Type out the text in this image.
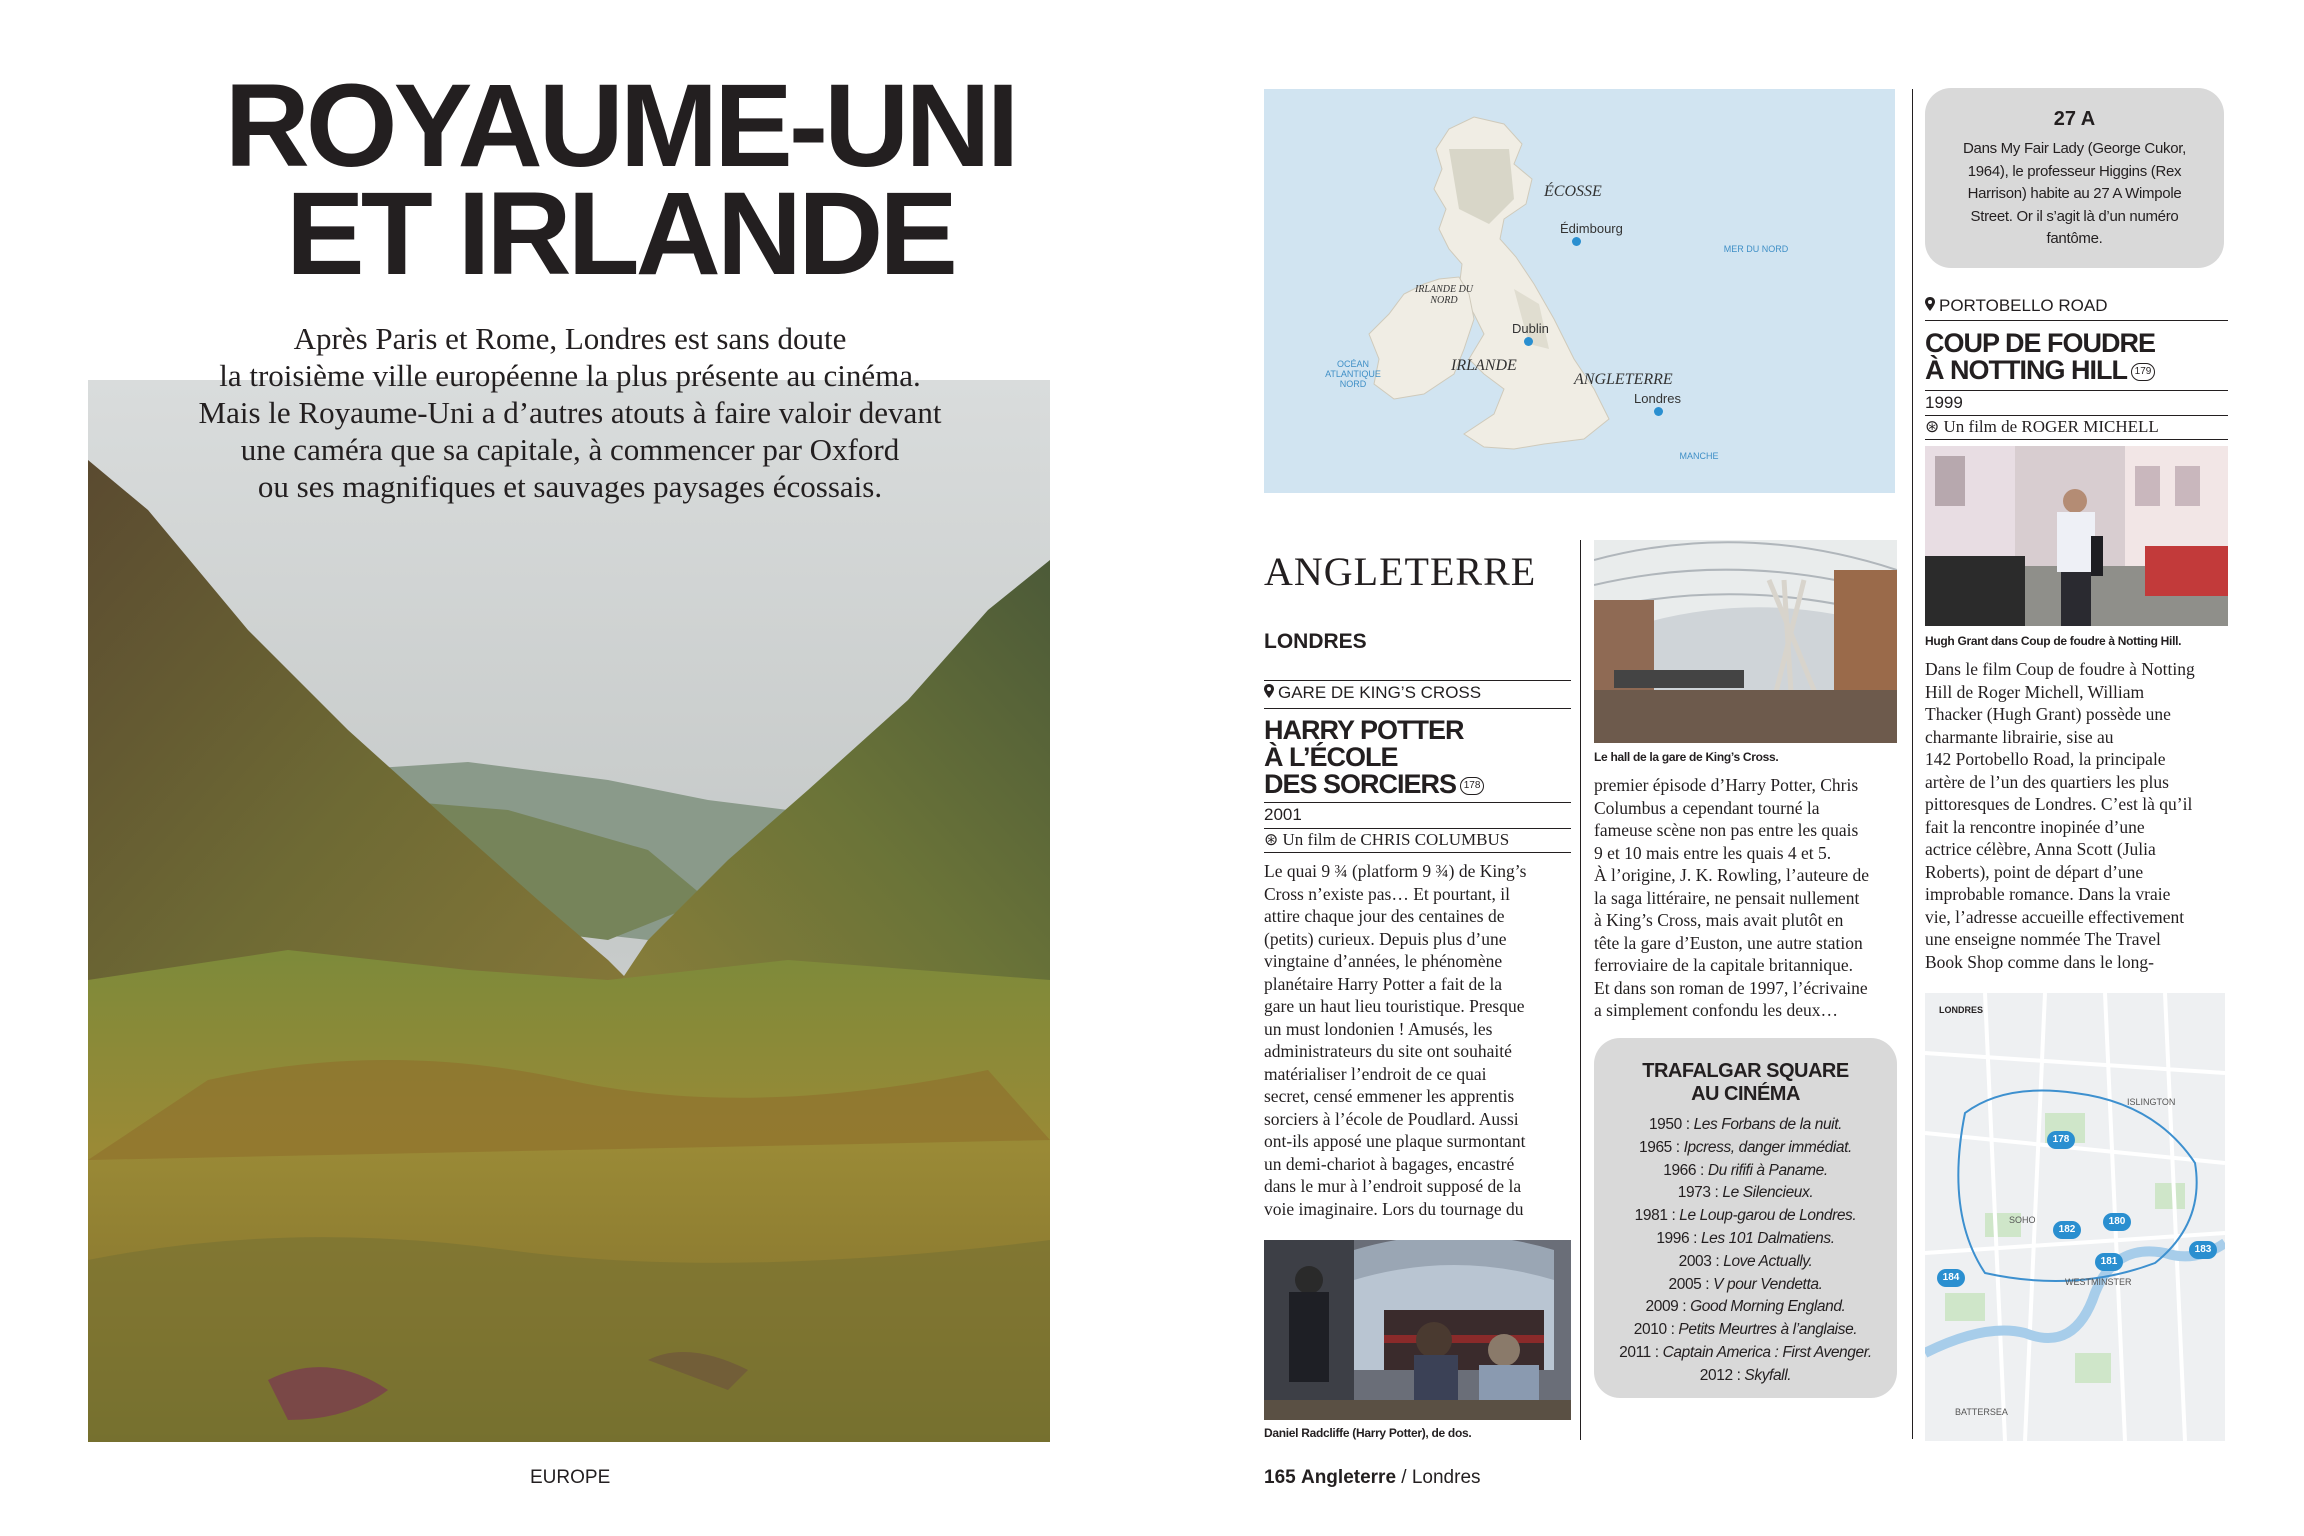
ROYAUME-UNI
ET IRLANDE
Après Paris et Rome, Londres est sans doute
la troisième ville européenne la plus présente au cinéma.
Mais le Royaume-Uni a d’autres atouts à faire valoir devant
une caméra que sa capitale, à commencer par Oxford
ou ses magnifiques et sauvages paysages écossais.
EUROPE
ÉCOSSE
IRLANDE DU NORD
IRLANDE
ANGLETERRE
Édimbourg
Dublin
Londres
MER DU NORD
OCÉAN ATLANTIQUE NORD
MANCHE
ANGLETERRE
LONDRES
GARE DE KING’S CROSS
HARRY POTTER
À L’ÉCOLE
DES SORCIERS 178
2001
⊛ Un film de CHRIS COLUMBUS
Le quai 9 ¾ (platform 9 ¾) de King’s
Cross n’existe pas… Et pourtant, il
attire chaque jour des centaines de
(petits) curieux. Depuis plus d’une
vingtaine d’années, le phénomène
planétaire Harry Potter a fait de la
gare un haut lieu touristique. Presque
un must londonien ! Amusés, les
administrateurs du site ont souhaité
matérialiser l’endroit de ce quai
secret, censé emmener les apprentis
sorciers à l’école de Poudlard. Aussi
ont-ils apposé une plaque surmontant
un demi-chariot à bagages, encastré
dans le mur à l’endroit supposé de la
voie imaginaire. Lors du tournage du
Daniel Radcliffe (Harry Potter), de dos.
Le hall de la gare de King’s Cross.
premier épisode d’Harry Potter, Chris
Columbus a cependant tourné la
fameuse scène non pas entre les quais
9 et 10 mais entre les quais 4 et 5.
À l’origine, J. K. Rowling, l’auteure de
la saga littéraire, ne pensait nullement
à King’s Cross, mais avait plutôt en
tête la gare d’Euston, une autre station
ferroviaire de la capitale britannique.
Et dans son roman de 1997, l’écrivaine
a simplement confondu les deux…
TRAFALGAR SQUARE
AU CINÉMA
1950 : Les Forbans de la nuit.
1965 : Ipcress, danger immédiat.
1966 : Du rififi à Paname.
1973 : Le Silencieux.
1981 : Le Loup-garou de Londres.
1996 : Les 101 Dalmatiens.
2003 : Love Actually.
2005 : V pour Vendetta.
2009 : Good Morning England.
2010 : Petits Meurtres à l’anglaise.
2011 : Captain America : First Avenger.
2012 : Skyfall.
27 A
Dans My Fair Lady (George Cukor,
1964), le professeur Higgins (Rex
Harrison) habite au 27 A Wimpole
Street. Or il s’agit là d’un numéro
fantôme.
PORTOBELLO ROAD
COUP DE FOUDRE
À NOTTING HILL 179
1999
⊛ Un film de ROGER MICHELL
Hugh Grant dans Coup de foudre à Notting Hill.
Dans le film Coup de foudre à Notting
Hill de Roger Michell, William
Thacker (Hugh Grant) possède une
charmante librairie, sise au
142 Portobello Road, la principale
artère de l’un des quartiers les plus
pittoresques de Londres. C’est là qu’il
fait la rencontre inopinée d’une
actrice célèbre, Anna Scott (Julia
Roberts), point de départ d’une
improbable romance. Dans la vraie
vie, l’adresse accueille effectivement
une enseigne nommée The Travel
Book Shop comme dans le long-
LONDRES
ISLINGTON
SOHO
WESTMINSTER
BATTERSEA
178
182
180
181
183
184
165 Angleterre / Londres
